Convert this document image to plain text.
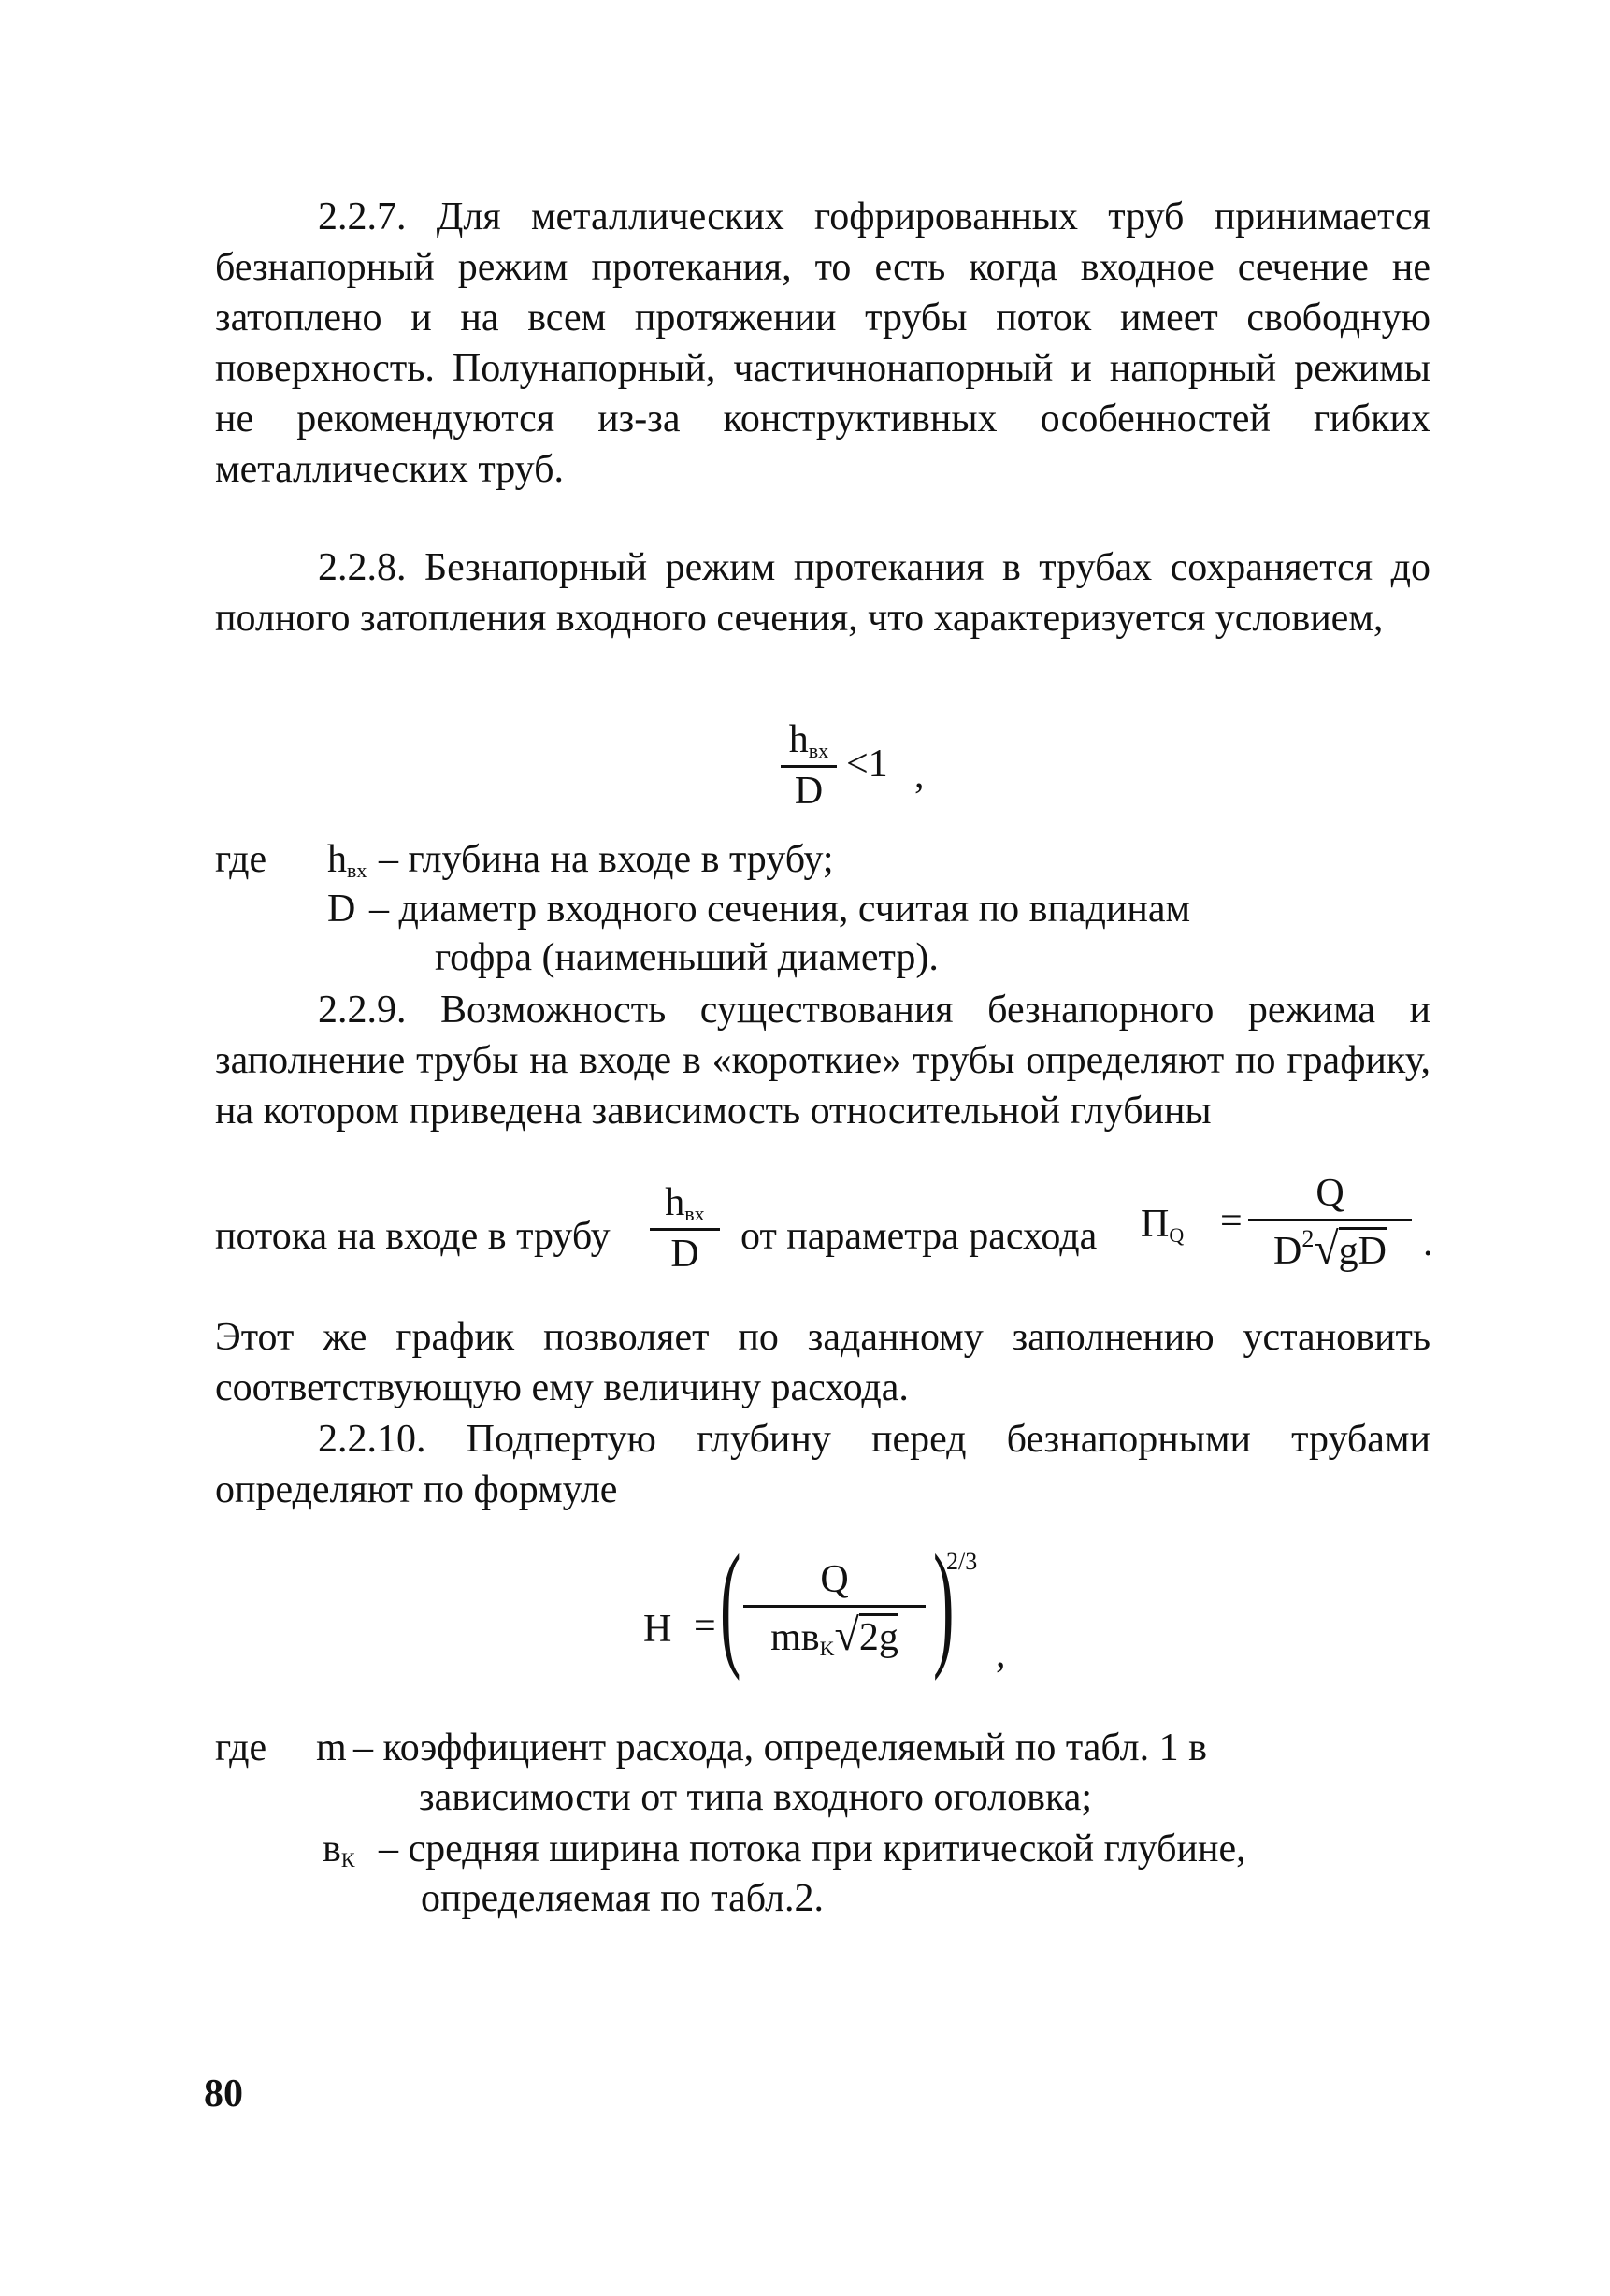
2.2.7. Для металлических гофрированных труб принимается безнапорный режим протекания, то есть когда входное сечение не затоплено и на всем протяжении трубы поток имеет свободную поверхность. Полунапорный, частичнонапорный и напорный режимы не рекомендуются из-за конструктивных особенностей гибких металлических труб.

2.2.8. Безнапорный режим протекания в трубах сохраняется до полного затопления входного сечения, что характеризуется условием,

$h_{вх}$
D
<1 ,
где $h_{вх}$ – глубина на входе в трубу;
D – диаметр входного сечения, считая по впадинам
гофра (наименьший диаметр).

2.2.9. Возможность существования безнапорного режима и заполнение трубы на входе в «короткие» трубы определяют по графику, на котором приведена зависимость относительной глубины

потока на входе в трубу
$h_{вх}$
D	от параметра расхода $П_Q$ =
Q
$D^2√gD$ .

Этот же график позволяет по заданному заполнению установить соответствующую ему величину расхода.

2.2.10. Подпертую глубину перед безнапорными трубами определяют по формуле

H = (	Q
$mв_K√2g$ )
2/3
,
где m – коэффициент расхода, определяемый по табл. 1 в
зависимости от типа входного оголовка;
$в_К$ – средняя ширина потока при критической глубине,
определяемая по табл.2.
80
